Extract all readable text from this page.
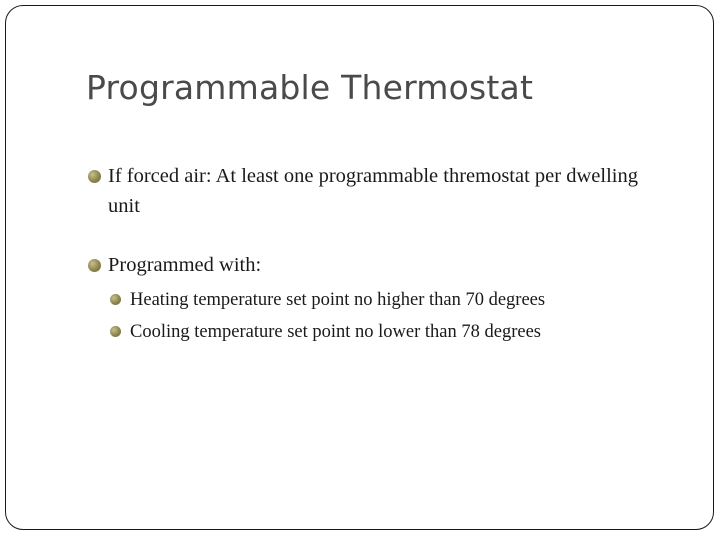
Programmable Thermostat
If forced air: At least one programmable thremostat per dwelling unit
Programmed with:
Heating temperature set point no higher than 70 degrees
Cooling temperature set point no lower than 78 degrees
